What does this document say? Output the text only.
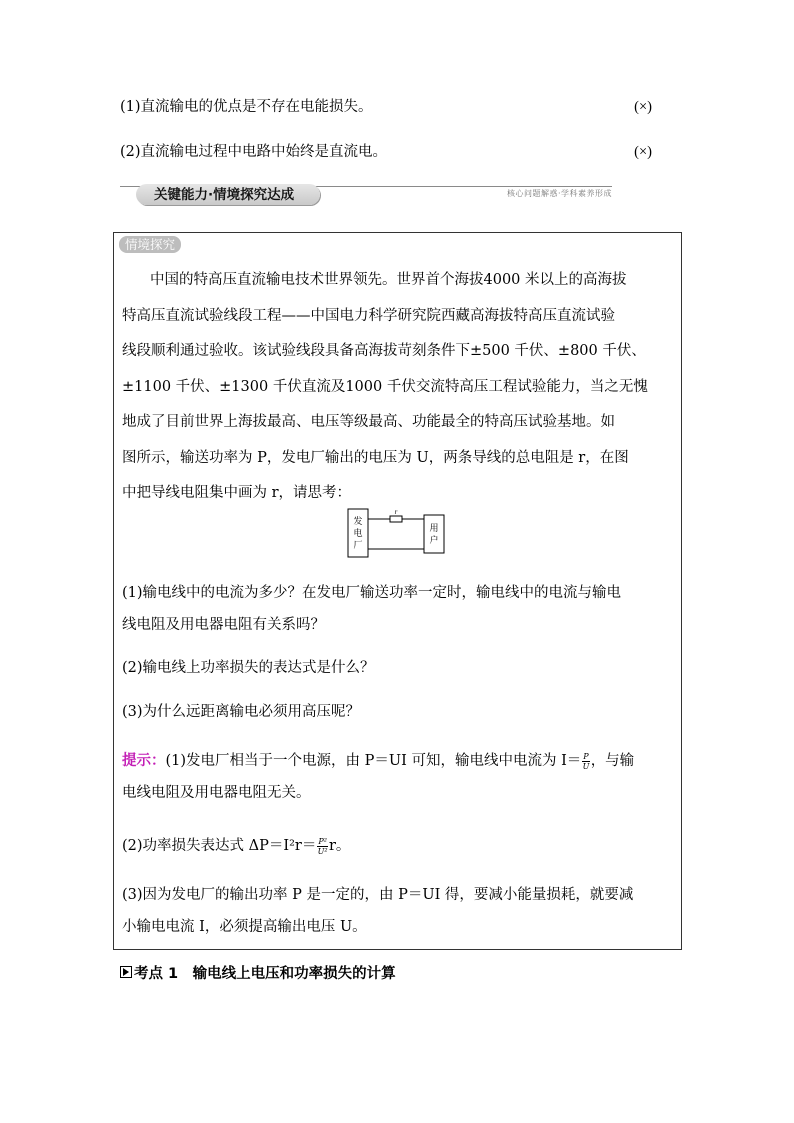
(1)直流输电的优点是不存在电能损失。	(×)
(2)直流输电过程中电路中始终是直流电。	(×)
关键能力·情境探究达成	核心问题解惑·学科素养形成
情境探究
中国的特高压直流输电技术世界领先。世界首个海拔4000 米以上的高海拔
特高压直流试验线段工程——中国电力科学研究院西藏高海拔特高压直流试验
线段顺利通过验收。该试验线段具备高海拔苛刻条件下±500 千伏、±800 千伏、
±1100 千伏、±1300 千伏直流及1000 千伏交流特高压工程试验能力，当之无愧
地成了目前世界上海拔最高、电压等级最高、功能最全的特高压试验基地。如
图所示，输送功率为 P，发电厂输出的电压为 U，两条导线的总电阻是 r，在图
中把导线电阻集中画为 r，请思考：
r
发
电
厂
用
户
(1)输电线中的电流为多少？在发电厂输送功率一定时，输电线中的电流与输电
线电阻及用电器电阻有关系吗？
(2)输电线上功率损失的表达式是什么？
(3)为什么远距离输电必须用高压呢？
提示：(1)发电厂相当于一个电源，由 P＝UI 可知，输电线中电流为 $I= \frac{P}{U}$ ，与输
电线电阻及用电器电阻无关。
(2)功率损失表达式 $\Delta P=I^2r= \frac{\text{P²}}{\text{U²}}$ r。
(3)因为发电厂的输出功率 P 是一定的，由 P＝UI 得，要减小能量损耗，就要减
小输电电流 I，必须提高输出电压 U。
考点 1　输电线上电压和功率损失的计算
